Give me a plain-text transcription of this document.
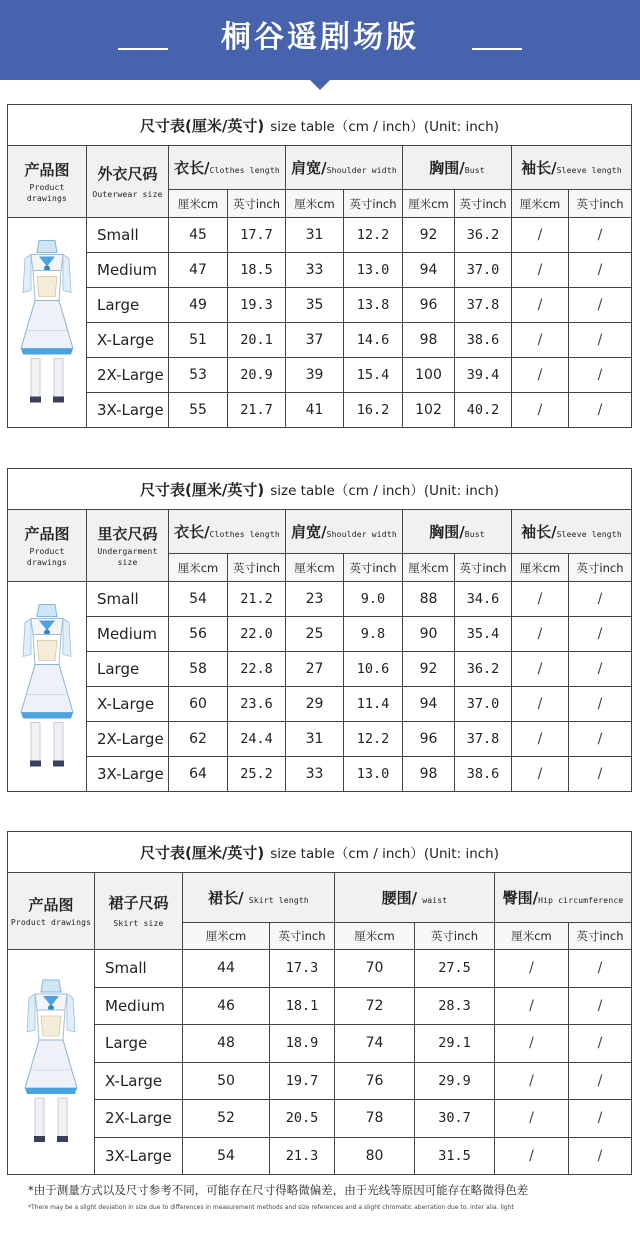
桐谷遥剧场版
尺寸表(厘米/英寸) size table（cm / inch）(Unit: inch)									

产品图
Product drawings	外衣尺码
Outerwear size	衣长/Clothes length		肩宽/Shoulder width		胸围/Bust		袖长/Sleeve length	
		厘米cm	英寸inch	厘米cm	英寸inch	厘米cm	英寸inch	厘米cm	英寸inch
	Small	45	17.7	31	12.2	92	36.2	/	/
	Medium	47	18.5	33	13.0	94	37.0	/	/
	Large	49	19.3	35	13.8	96	37.8	/	/
	X-Large	51	20.1	37	14.6	98	38.6	/	/
	2X-Large	53	20.9	39	15.4	100	39.4	/	/
	3X-Large	55	21.7	41	16.2	102	40.2	/	/
尺寸表(厘米/英寸) size table（cm / inch）(Unit: inch)									

产品图
Product drawings	里衣尺码
Undergarment size	衣长/Clothes length		肩宽/Shoulder width		胸围/Bust		袖长/Sleeve length	
		厘米cm	英寸inch	厘米cm	英寸inch	厘米cm	英寸inch	厘米cm	英寸inch
	Small	54	21.2	23	9.0	88	34.6	/	/
	Medium	56	22.0	25	9.8	90	35.4	/	/
	Large	58	22.8	27	10.6	92	36.2	/	/
	X-Large	60	23.6	29	11.4	94	37.0	/	/
	2X-Large	62	24.4	31	12.2	96	37.8	/	/
	3X-Large	64	25.2	33	13.0	98	38.6	/	/
尺寸表(厘米/英寸) size table（cm / inch）(Unit: inch)							

产品图
Product drawings	裙子尺码
Skirt size	裙长/ Skirt length		腰围/ waist		臀围/Hip circumference	
		厘米cm	英寸inch	厘米cm	英寸inch	厘米cm	英寸inch
	Small	44	17.3	70	27.5	/	/
	Medium	46	18.1	72	28.3	/	/
	Large	48	18.9	74	29.1	/	/
	X-Large	50	19.7	76	29.9	/	/
	2X-Large	52	20.5	78	30.7	/	/
	3X-Large	54	21.3	80	31.5	/	/
*由于测量方式以及尺寸参考不同，可能存在尺寸得略微偏差，由于光线等原因可能存在略微得色差
*There may be a slight deviation in size due to differences in measurement methods and size references and a slight chromatic aberration due to. inter alia. light
